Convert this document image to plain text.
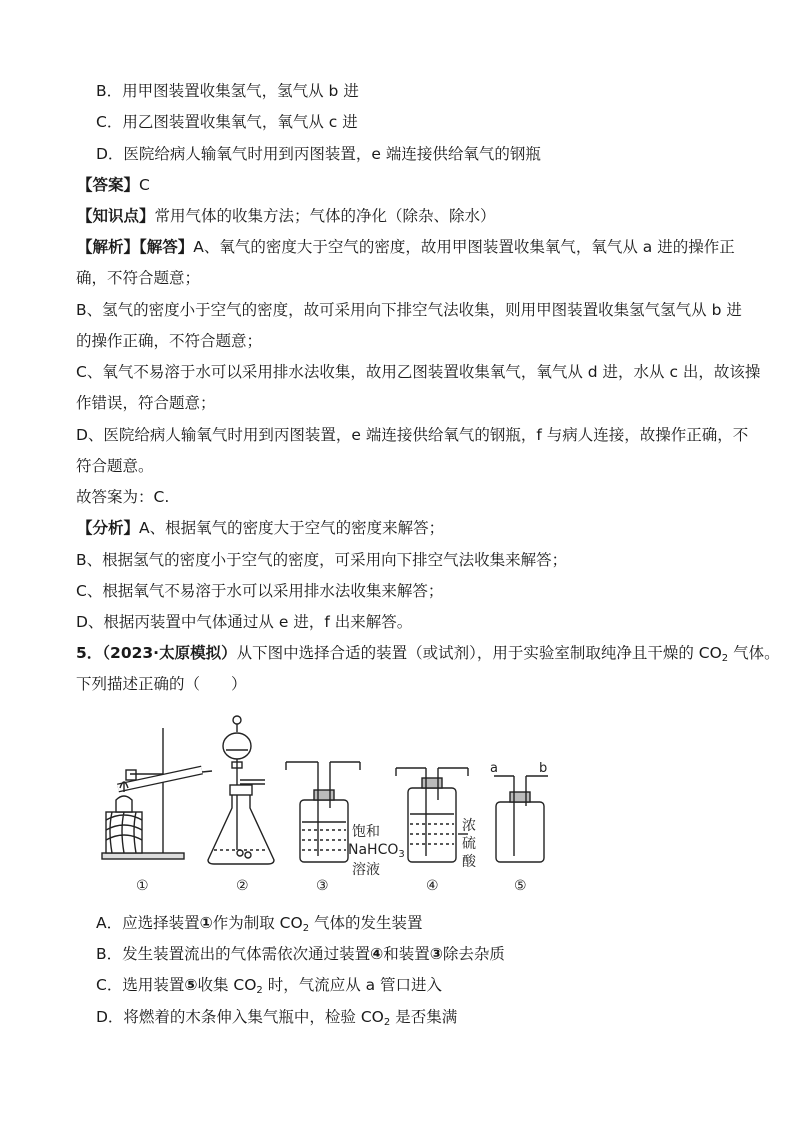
B．用甲图装置收集氢气，氢气从 b 进
C．用乙图装置收集氧气，氧气从 c 进
D．医院给病人输氧气时用到丙图装置，e 端连接供给氧气的钢瓶
【答案】C
【知识点】常用气体的收集方法；气体的净化（除杂、除水）
【解析】【解答】A、氧气的密度大于空气的密度，故用甲图装置收集氧气，氧气从 a 进的操作正
确，不符合题意；
B、氢气的密度小于空气的密度，故可采用向下排空气法收集，则用甲图装置收集氢气氢气从 b 进
的操作正确，不符合题意；
C、氧气不易溶于水可以采用排水法收集，故用乙图装置收集氧气，氧气从 d 进，水从 c 出，故该操
作错误，符合题意；
D、医院给病人输氧气时用到丙图装置，e 端连接供给氧气的钢瓶，f 与病人连接，故操作正确，不
符合题意。
故答案为：C.
【分析】A、根据氧气的密度大于空气的密度来解答；
B、根据氢气的密度小于空气的密度，可采用向下排空气法收集来解答；
C、根据氧气不易溶于水可以采用排水法收集来解答；
D、根据丙装置中气体通过从 e 进，f 出来解答。
5．（2023·太原模拟）从下图中选择合适的装置（或试剂），用于实验室制取纯净且干燥的 $CO_2$ 气体。
下列描述正确的（　　）
饱和
NaHCO$_3$
溶液
浓
硫
酸
a	b
①	②	③	④	⑤
A．应选择装置①作为制取 $CO_2$ 气体的发生装置
B．发生装置流出的气体需依次通过装置④和装置③除去杂质
C．选用装置⑤收集 $CO_2$ 时，气流应从 a 管口进入
D．将燃着的木条伸入集气瓶中，检验 $CO_2$ 是否集满
